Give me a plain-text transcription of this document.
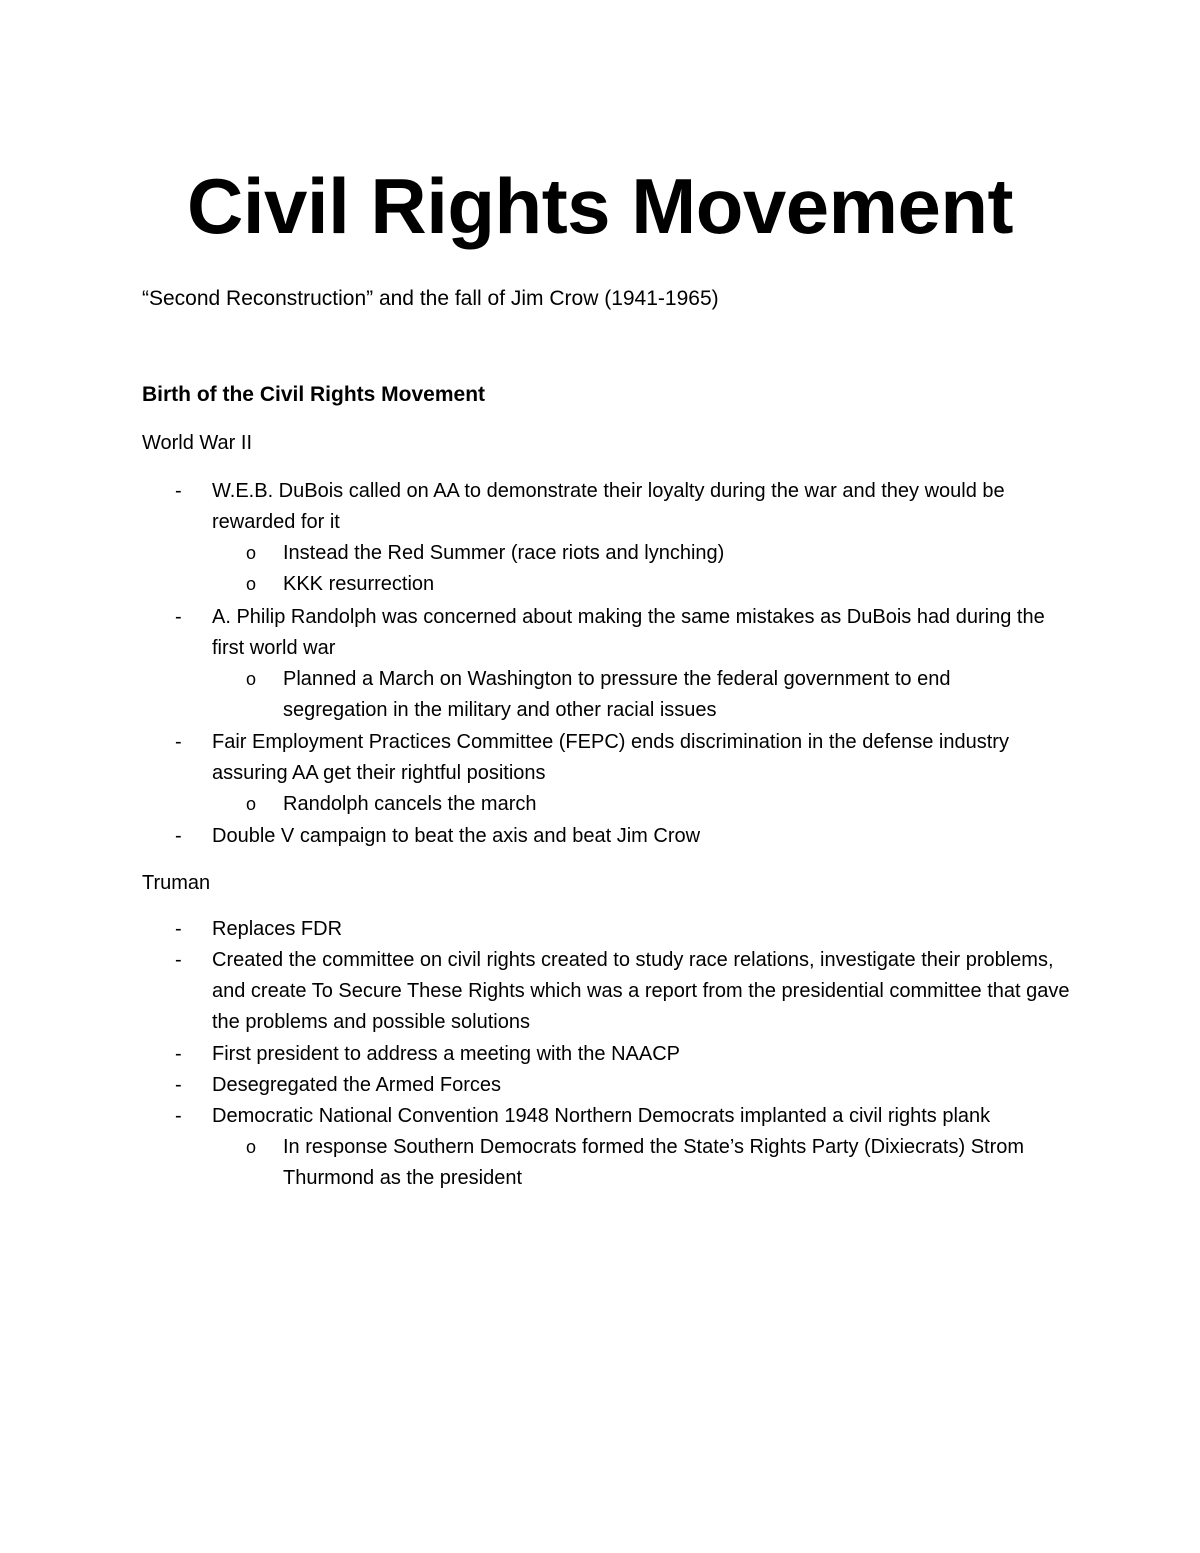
Civil Rights Movement

“Second Reconstruction” and the fall of Jim Crow (1941-1965)

Birth of the Civil Rights Movement

World War II

- W.E.B. DuBois called on AA to demonstrate their loyalty during the war and they would be rewarded for it

o Instead the Red Summer (race riots and lynching)

o KKK resurrection

- A. Philip Randolph was concerned about making the same mistakes as DuBois had during the first world war

o Planned a March on Washington to pressure the federal government to end segregation in the military and other racial issues

- Fair Employment Practices Committee (FEPC) ends discrimination in the defense industry assuring AA get their rightful positions

o Randolph cancels the march

- Double V campaign to beat the axis and beat Jim Crow

Truman

- Replaces FDR

- Created the committee on civil rights created to study race relations, investigate their problems, and create To Secure These Rights which was a report from the presidential committee that gave the problems and possible solutions

- First president to address a meeting with the NAACP

- Desegregated the Armed Forces

- Democratic National Convention 1948 Northern Democrats implanted a civil rights plank

o In response Southern Democrats formed the State’s Rights Party (Dixiecrats) Strom Thurmond as the president
